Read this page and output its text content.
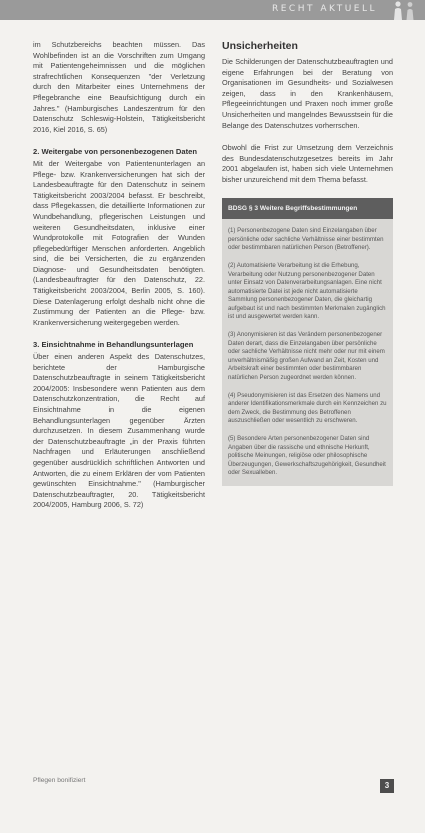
RECHT AKTUELL

im Schutzbereichs beachten müssen. Das Wohlbefinden ist an die Vorschriften zum Umgang mit Patientengeheimnissen und die möglichen strafrechtlichen Konsequenzen "der Verletzung durch den Mitarbeiter eines Unternehmens der Pflegebranche eine Beaufsichtigung durch ein Jahres." (Hamburgisches Landeszentrum für den Datenschutz Schleswig-Holstein, Tätigkeitsbericht 2016, Kiel 2016, S. 65)

2. Weitergabe von personenbezogenen Daten

Mit der Weitergabe von Patientenunterlagen an Pflege- bzw. Krankenversicherungen hat sich der Landesbeauftragte für den Datenschutz in seinem Tätigkeitsbericht 2003/2004 befasst. Er beschreibt, dass Pflegekassen, die detaillierte Informationen zur Wundbehandlung, pflegerischen Leistungen und weiteren Gesundheitsdaten, inklusive einer Wundprotokolle mit Fotografien der Wunden pflegebedürftiger Menschen anforderten. Angeblich sind, die bei Versicherten, die zu ergänzenden Diagnose- und Gesundheitsdaten benötigten. (Landesbeauftragter für den Datenschutz, 22. Tätigkeitsbericht 2003/2004, Berlin 2005, S. 160). Diese Datenlagerung erfolgt deshalb nicht ohne die Zustimmung der Patienten an die Pflege- bzw. Krankenversicherung weitergegeben werden.

3. Einsichtnahme in Behandlungsunterlagen

Über einen anderen Aspekt des Datenschutzes, berichtete der Hamburgische Datenschutzbeauftragte in seinem Tätigkeitsbericht 2004/2005: Insbesondere wenn Patienten aus dem Datenschutzkonzentration, die Recht auf Einsichtnahme in die eigenen Behandlungsunterlagen gegenüber Ärzten durchzusetzen. In diesem Zusammenhang wurde der Datenschutzbeauftragte „in der Praxis führten Nachfragen und Erläuterungen anschließend gegenüber ausdrücklich schriftlichen Antworten und Antworten, die zu einem Erklären der vom Patienten gewünschten Einsichtnahme." (Hamburgischer Datenschutzbeauftragter, 20. Tätigkeitsbericht 2004/2005, Hamburg 2006, S. 72)

Unsicherheiten

Die Schilderungen der Datenschutzbeauftragten und eigene Erfahrungen bei der Beratung von Organisationen im Gesundheits- und Sozialwesen zeigen, dass in den Krankenhäusern, Pflegeeinrichtungen und Praxen noch immer große Unsicherheiten und mangelndes Bewusstsein für die Belange des Datenschutzes vorherrschen.

Obwohl die Frist zur Umsetzung dem Verzeichnis des Bundesdatenschutzgesetzes bereits im Jahr 2001 abgelaufen ist, haben sich viele Unternehmen bisher unzureichend mit dem Thema befasst.

BDSG § 3 Weitere Begriffsbestimmungen

(1) Personenbezogene Daten sind Einzelangaben über persönliche oder sachliche Verhältnisse einer bestimmten oder bestimmbaren natürlichen Person (Betroffener).

(2) Automatisierte Verarbeitung ist die Erhebung, Verarbeitung oder Nutzung personenbezogener Daten unter Einsatz von Datenverarbeitungsanlagen. Eine nicht automatisierte Datei ist jede nicht automatisierte Sammlung personenbezogener Daten, die gleichartig aufgebaut ist und nach bestimmten Merkmalen zugänglich ist und ausgewertet werden kann.

(3) Anonymisieren ist das Verändern personenbezogener Daten derart, dass die Einzelangaben über persönliche oder sachliche Verhältnisse nicht mehr oder nur mit einem unverhältnismäßig großen Aufwand an Zeit, Kosten und Arbeitskraft einer bestimmten oder bestimmbaren natürlichen Person zugeordnet werden können.

(4) Pseudonymisieren ist das Ersetzen des Namens und anderer Identifikationsmerkmale durch ein Kennzeichen zu dem Zweck, die Bestimmung des Betroffenen auszuschließen oder wesentlich zu erschweren.

(5) Besondere Arten personenbezogener Daten sind Angaben über die rassische und ethnische Herkunft, politische Meinungen, religiöse oder philosophische Überzeugungen, Gewerkschaftszugehörigkeit, Gesundheit oder Sexualleben.

Pflegen bonifiziert
3
